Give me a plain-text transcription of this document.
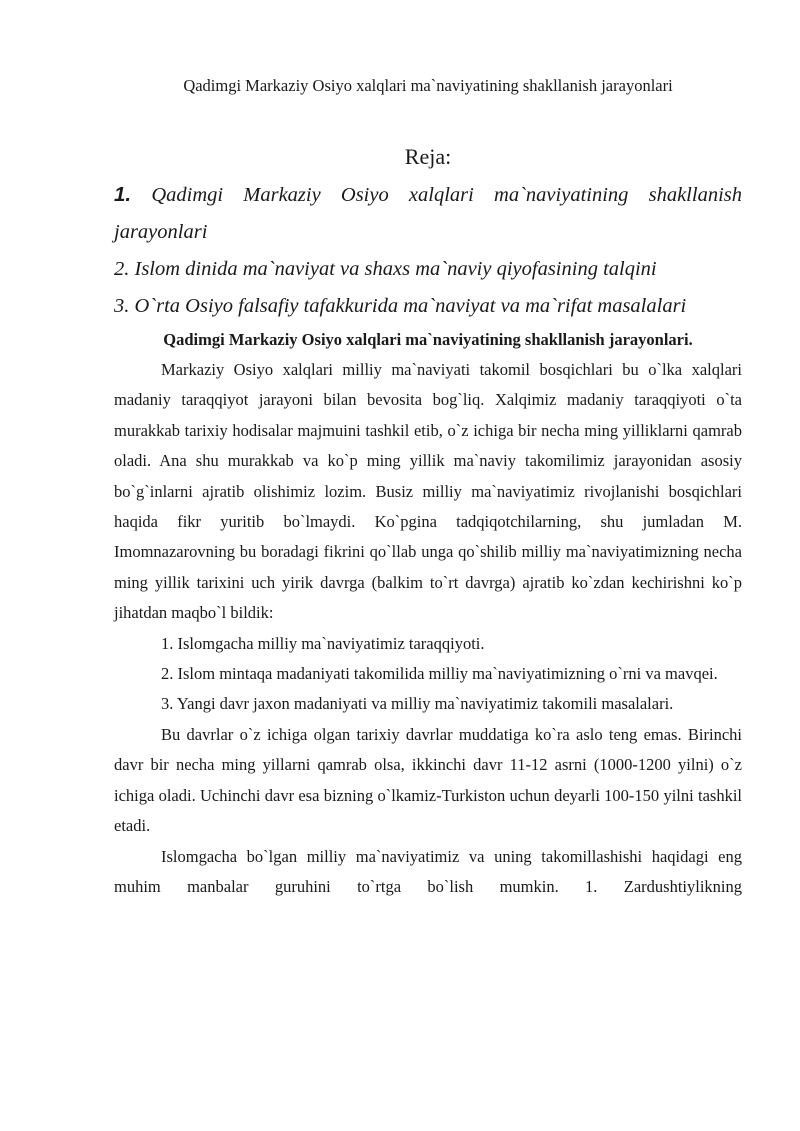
Qadimgi Markaziy Osiyo xalqlari ma`naviyatining shakllanish jarayonlari

Reja:

1. Qadimgi Markaziy Osiyo xalqlari ma`naviyatining shakllanish

jarayonlari

2. Islom dinida ma`naviyat va shaxs ma`naviy qiyofasining talqini

3. O`rta Osiyo falsafiy tafakkurida ma`naviyat va ma`rifat masalalari

Qadimgi Markaziy Osiyo xalqlari ma`naviyatining shakllanish jarayonlari.

Markaziy Osiyo xalqlari milliy ma`naviyati takomil bosqichlari bu o`lka xalqlari madaniy taraqqiyot jarayoni bilan bevosita bog`liq. Xalqimiz madaniy taraqqiyoti o`ta murakkab tarixiy hodisalar majmuini tashkil etib, o`z ichiga bir necha ming yilliklarni qamrab oladi. Ana shu murakkab va ko`p ming yillik ma`naviy takomilimiz jarayonidan asosiy bo`g`inlarni ajratib olishimiz lozim. Busiz milliy ma`naviyatimiz rivojlanishi bosqichlari haqida fikr yuritib bo`lmaydi. Ko`pgina tadqiqotchilarning, shu jumladan M. Imomnazarovning bu boradagi fikrini qo`llab unga qo`shilib milliy ma`naviyatimizning necha ming yillik tarixini uch yirik davrga (balkim to`rt davrga) ajratib ko`zdan kechirishni ko`p jihatdan maqbo`l bildik:

1. Islomgacha milliy ma`naviyatimiz taraqqiyoti.

2. Islom mintaqa madaniyati takomilida milliy ma`naviyatimizning o`rni va mavqei.

3. Yangi davr jaxon madaniyati va milliy ma`naviyatimiz takomili masalalari.

Bu davrlar o`z ichiga olgan tarixiy davrlar muddatiga ko`ra aslo teng emas. Birinchi davr bir necha ming yillarni qamrab olsa, ikkinchi davr 11-12 asrni (1000-1200 yilni) o`z ichiga oladi. Uchinchi davr esa bizning o`lkamiz-Turkiston uchun deyarli 100-150 yilni tashkil etadi.

Islomgacha bo`lgan milliy ma`naviyatimiz va uning takomillashishi haqidagi eng muhim manbalar guruhini to`rtga bo`lish mumkin. 1. Zardushtiylikning
